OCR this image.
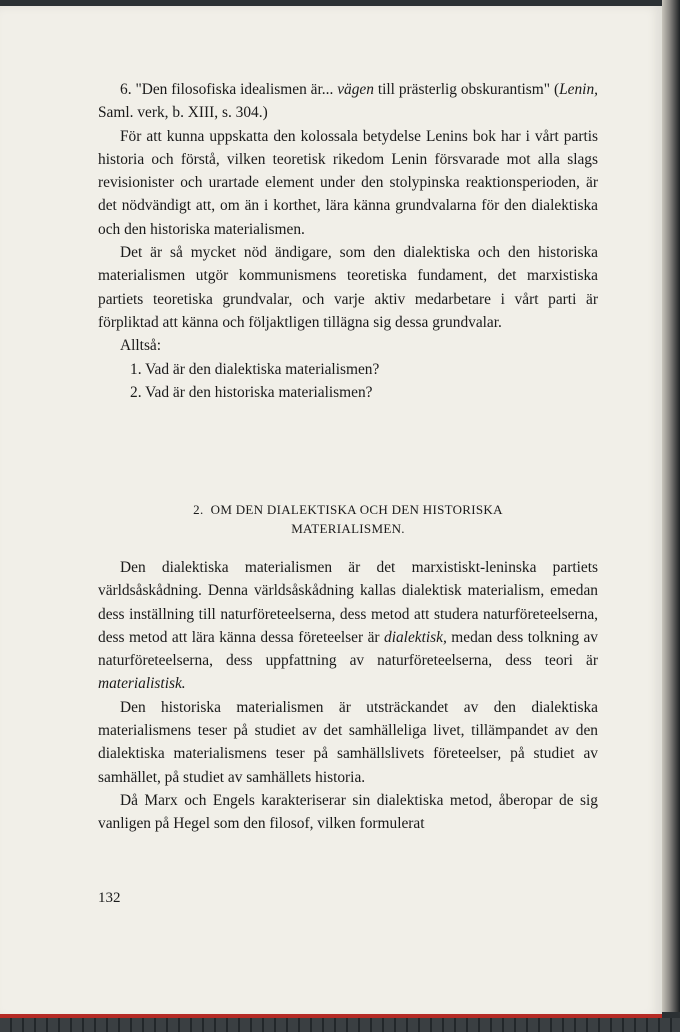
6. "Den filosofiska idealismen är... vägen till prästerlig obskurantism" (Lenin, Saml. verk, b. XIII, s. 304.)

För att kunna uppskatta den kolossala betydelse Lenins bok har i vårt partis historia och förstå, vilken teoretisk rikedom Lenin försvarade mot alla slags revisionister och urartade element under den stolypinska reaktionsperioden, är det nödvändigt att, om än i korthet, lära känna grundvalarna för den dialektiska och den historiska materialismen.

Det är så mycket nöd ändigare, som den dialektiska och den historiska materialismen utgör kommunismens teoretiska fundament, det marxistiska partiets teoretiska grundvalar, och varje aktiv medarbetare i vårt parti är förpliktad att känna och följaktligen tillägna sig dessa grundvalar.

Alltså:

1. Vad är den dialektiska materialismen?

2. Vad är den historiska materialismen?

2. OM DEN DIALEKTISKA OCH DEN HISTORISKA
MATERIALISMEN.

Den dialektiska materialismen är det marxistiskt-leninska partiets världsåskådning. Denna världsåskådning kallas dialektisk materialism, emedan dess inställning till naturföreteelserna, dess metod att studera naturföreteelserna, dess metod att lära känna dessa företeelser är dialektisk, medan dess tolkning av naturföreteelserna, dess uppfattning av naturföreteelserna, dess teori är materialistisk.

Den historiska materialismen är utsträckandet av den dialektiska materialismens teser på studiet av det samhälleliga livet, tillämpandet av den dialektiska materialismens teser på samhällslivets företeelser, på studiet av samhället, på studiet av samhällets historia.

Då Marx och Engels karakteriserar sin dialektiska metod, åberopar de sig vanligen på Hegel som den filosof, vilken formulerat

132
